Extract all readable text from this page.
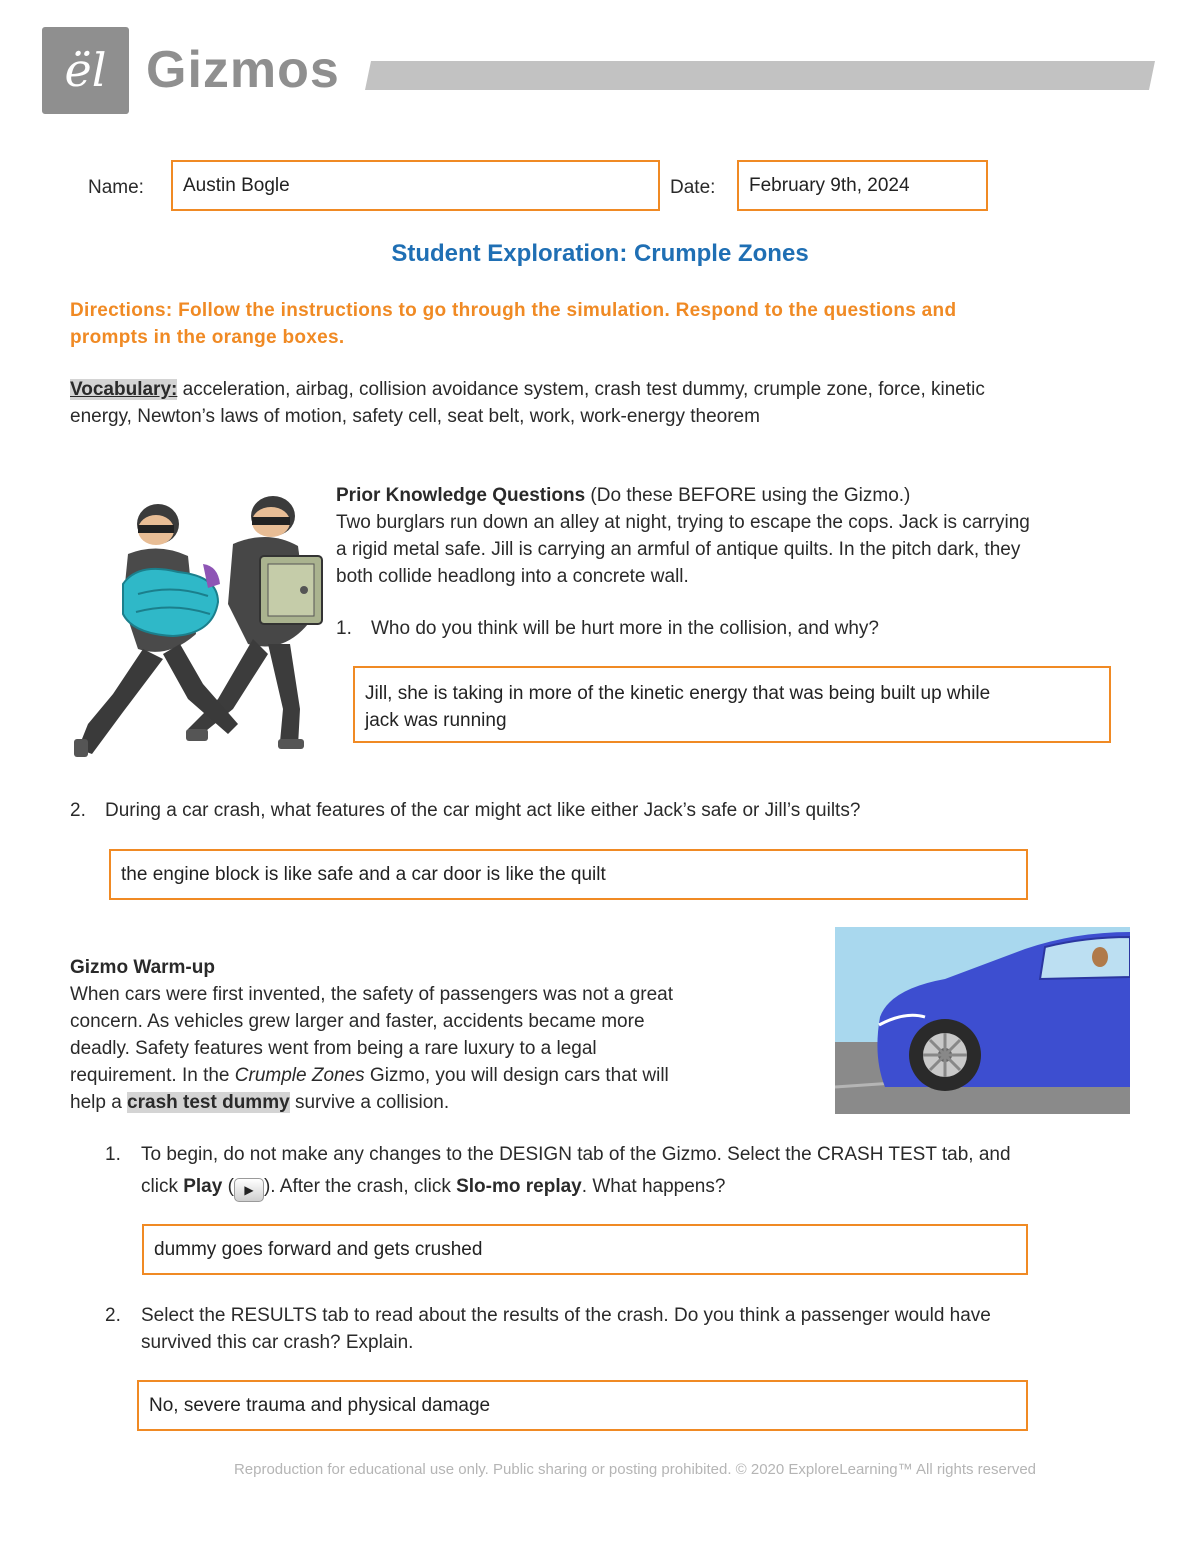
ël Gizmos
Name:	Austin Bogle	Date:	February 9th, 2024
Student Exploration: Crumple Zones
Directions: Follow the instructions to go through the simulation. Respond to the questions and
prompts in the orange boxes.
Vocabulary: acceleration, airbag, collision avoidance system, crash test dummy, crumple zone, force, kinetic
energy, Newton’s laws of motion, safety cell, seat belt, work, work-energy theorem
Prior Knowledge Questions (Do these BEFORE using the Gizmo.)
Two burglars run down an alley at night, trying to escape the cops. Jack is carrying
a rigid metal safe. Jill is carrying an armful of antique quilts. In the pitch dark, they
both collide headlong into a concrete wall.
1. Who do you think will be hurt more in the collision, and why?
Jill, she is taking in more of the kinetic energy that was being built up while
jack was running
2. During a car crash, what features of the car might act like either Jack’s safe or Jill’s quilts?
the engine block is like safe and a car door is like the quilt
Gizmo Warm-up
When cars were first invented, the safety of passengers was not a great
concern. As vehicles grew larger and faster, accidents became more
deadly. Safety features went from being a rare luxury to a legal
requirement. In the Crumple Zones Gizmo, you will design cars that will
help a crash test dummy survive a collision.
1. To begin, do not make any changes to the DESIGN tab of the Gizmo. Select the CRASH TEST tab, and
click Play ( ▶ ). After the crash, click Slo-mo replay. What happens?
dummy goes forward and gets crushed
2. Select the RESULTS tab to read about the results of the crash. Do you think a passenger would have
survived this car crash? Explain.
No, severe trauma and physical damage
Reproduction for educational use only. Public sharing or posting prohibited. © 2020 ExploreLearning™ All rights reserved
